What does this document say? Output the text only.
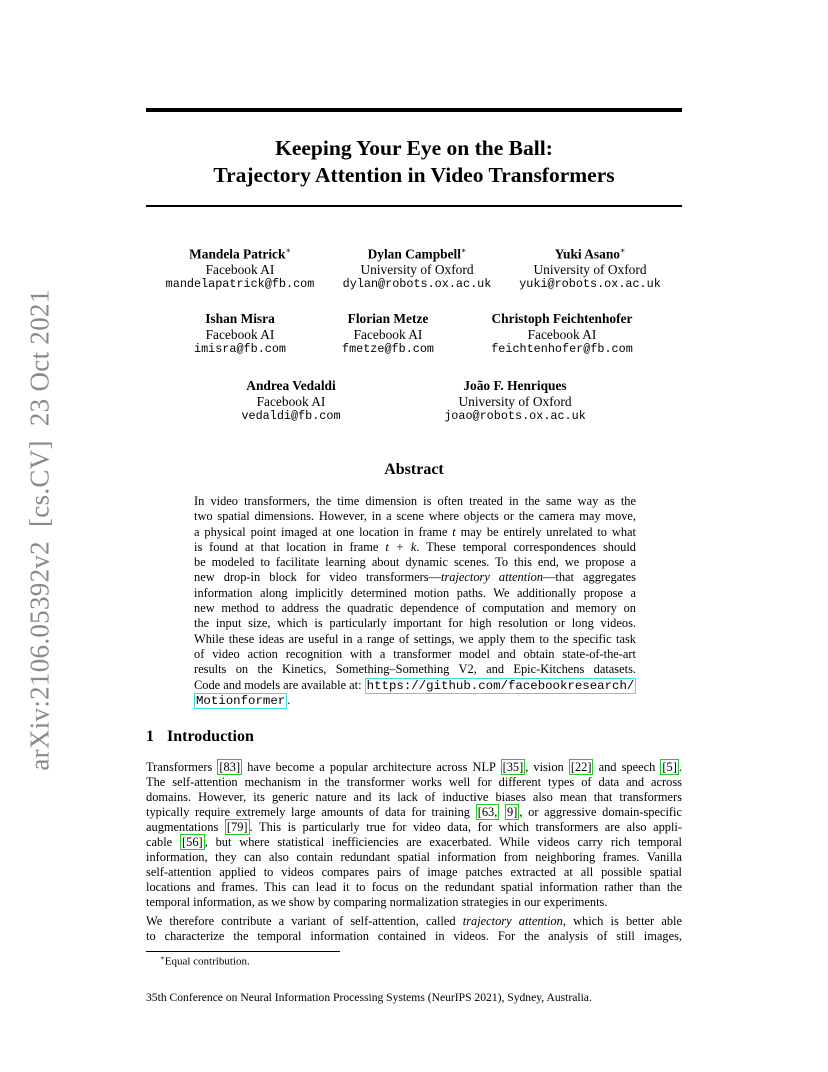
arXiv:2106.05392v2[cs.CV]23 Oct 2021
Keeping Your Eye on the Ball:
Trajectory Attention in Video Transformers
Mandela Patrick∗
Facebook AI
mandelapatrick@fb.com
Dylan Campbell∗
University of Oxford
dylan@robots.ox.ac.uk
Yuki Asano∗
University of Oxford
yuki@robots.ox.ac.uk
Ishan Misra
Facebook AI
imisra@fb.com
Florian Metze
Facebook AI
fmetze@fb.com
Christoph Feichtenhofer
Facebook AI
feichtenhofer@fb.com
Andrea Vedaldi
Facebook AI
vedaldi@fb.com
João F. Henriques
University of Oxford
joao@robots.ox.ac.uk
Abstract
In video transformers, the time dimension is often treated in the same way as the
two spatial dimensions. However, in a scene where objects or the camera may move,
a physical point imaged at one location in frame t may be entirely unrelated to what
is found at that location in frame t + k. These temporal correspondences should
be modeled to facilitate learning about dynamic scenes. To this end, we propose a
new drop-in block for video transformers—trajectory attention—that aggregates
information along implicitly determined motion paths. We additionally propose a
new method to address the quadratic dependence of computation and memory on
the input size, which is particularly important for high resolution or long videos.
While these ideas are useful in a range of settings, we apply them to the specific task
of video action recognition with a transformer model and obtain state-of-the-art
results on the Kinetics, Something–Something V2, and Epic-Kitchens datasets.
Code and models are available at: https://github.com/facebookresearch/
Motionformer .
1 Introduction
Transformers [83] have become a popular architecture across NLP [35] , vision [22] and speech [5] .
The self-attention mechanism in the transformer works well for different types of data and across
domains. However, its generic nature and its lack of inductive biases also mean that transformers
typically require extremely large amounts of data for training [63, 9] , or aggressive domain-specific
augmentations [79] . This is particularly true for video data, for which transformers are also appli-
cable [56] , but where statistical inefficiencies are exacerbated. While videos carry rich temporal
information, they can also contain redundant spatial information from neighboring frames. Vanilla
self-attention applied to videos compares pairs of image patches extracted at all possible spatial
locations and frames. This can lead it to focus on the redundant spatial information rather than the
temporal information, as we show by comparing normalization strategies in our experiments.
We therefore contribute a variant of self-attention, called trajectory attention, which is better able
to characterize the temporal information contained in videos. For the analysis of still images,
∗Equal contribution.
35th Conference on Neural Information Processing Systems (NeurIPS 2021), Sydney, Australia.
